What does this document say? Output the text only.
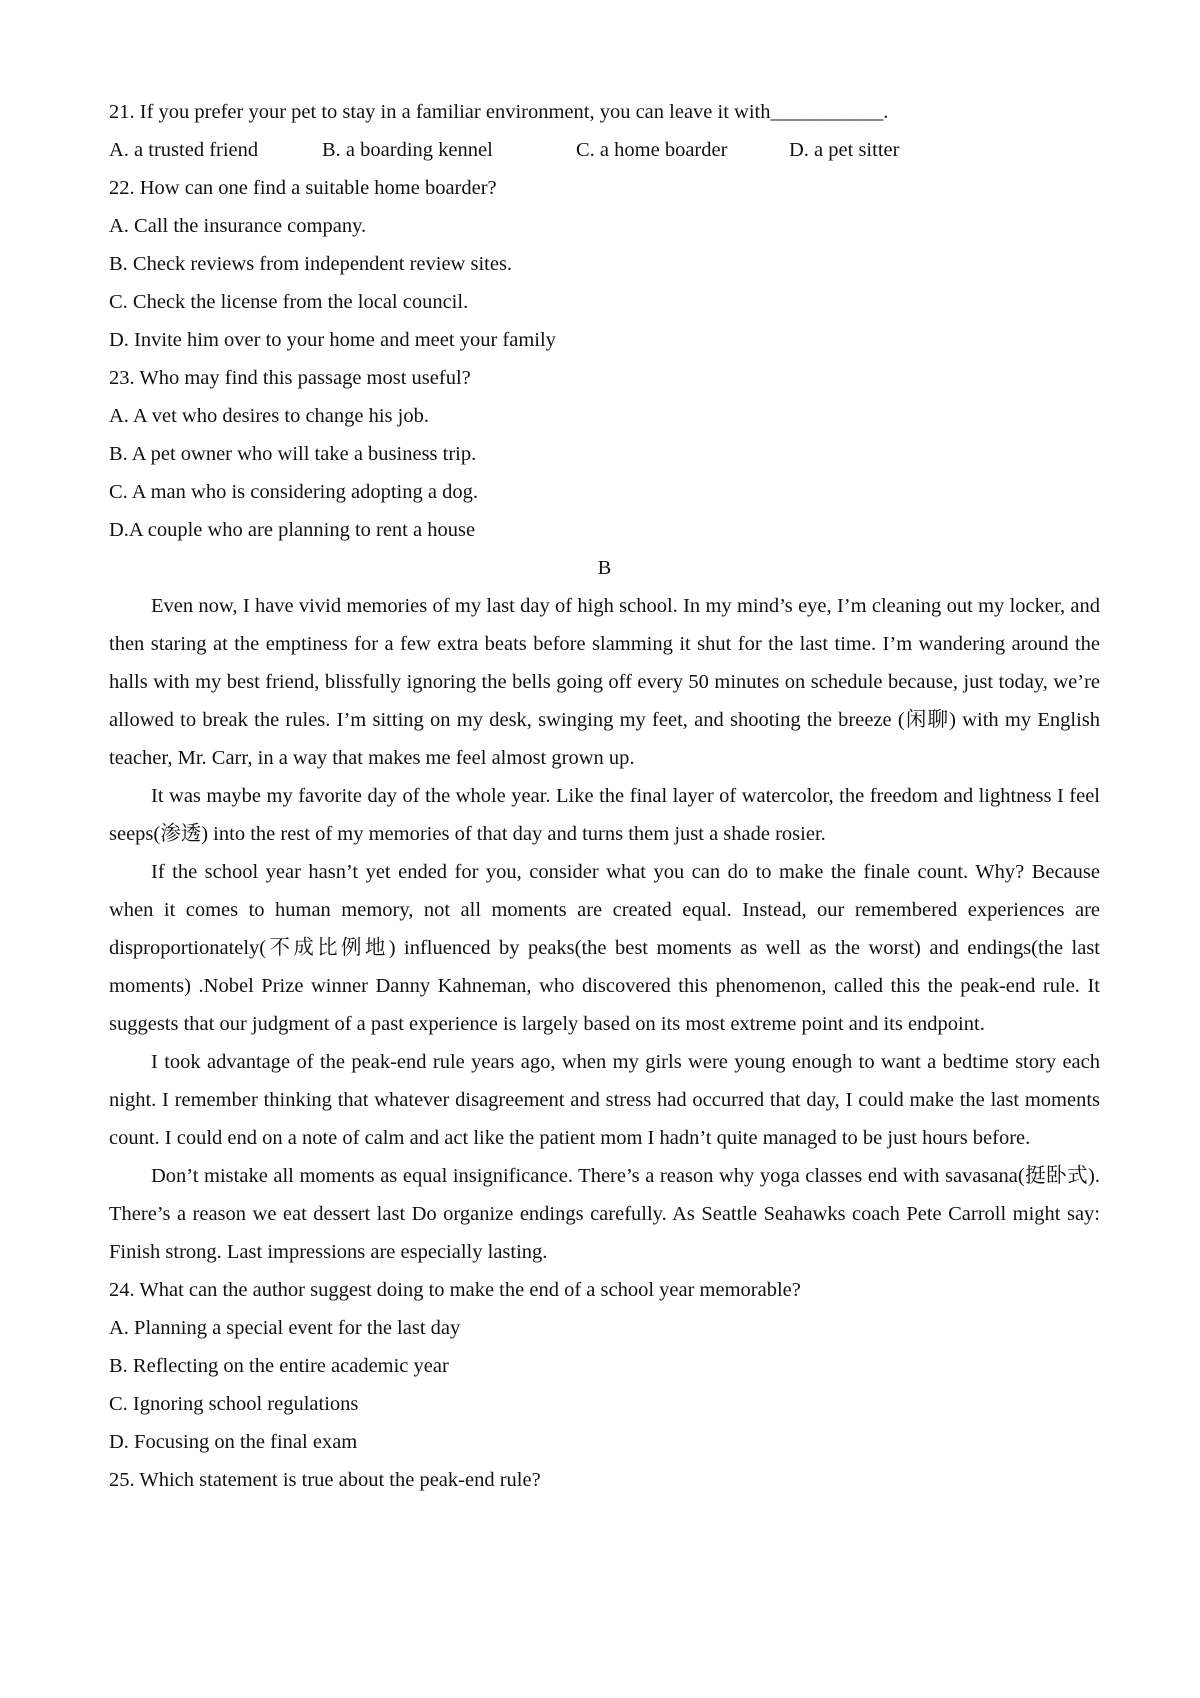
21. If you prefer your pet to stay in a familiar environment, you can leave it with___________.
A. a trusted friend	B. a boarding kennel	C. a home boarder	D. a pet sitter
22. How can one find a suitable home boarder?
A. Call the insurance company.
B. Check reviews from independent review sites.
C. Check the license from the local council.
D. Invite him over to your home and meet your family
23. Who may find this passage most useful?
A. A vet who desires to change his job.
B. A pet owner who will take a business trip.
C. A man who is considering adopting a dog.
D.A couple who are planning to rent a house
B

Even now, I have vivid memories of my last day of high school. In my mind’s eye, I’m cleaning out my locker, and then staring at the emptiness for a few extra beats before slamming it shut for the last time. I’m wandering around the halls with my best friend, blissfully ignoring the bells going off every 50 minutes on schedule because, just today, we’re allowed to break the rules. I’m sitting on my desk, swinging my feet, and shooting the breeze (闲聊) with my English teacher, Mr. Carr, in a way that makes me feel almost grown up.

It was maybe my favorite day of the whole year. Like the final layer of watercolor, the freedom and lightness I feel seeps(渗透) into the rest of my memories of that day and turns them just a shade rosier.

If the school year hasn’t yet ended for you, consider what you can do to make the finale count. Why? Because when it comes to human memory, not all moments are created equal. Instead, our remembered experiences are disproportionately(不成比例地) influenced by peaks(the best moments as well as the worst) and endings(the last moments) .Nobel Prize winner Danny Kahneman, who discovered this phenomenon, called this the peak-end rule. It suggests that our judgment of a past experience is largely based on its most extreme point and its endpoint.

I took advantage of the peak-end rule years ago, when my girls were young enough to want a bedtime story each night. I remember thinking that whatever disagreement and stress had occurred that day, I could make the last moments count. I could end on a note of calm and act like the patient mom I hadn’t quite managed to be just hours before.

Don’t mistake all moments as equal insignificance. There’s a reason why yoga classes end with savasana(挺卧式). There’s a reason we eat dessert last Do organize endings carefully. As Seattle Seahawks coach Pete Carroll might say: Finish strong. Last impressions are especially lasting.

24. What can the author suggest doing to make the end of a school year memorable?
A. Planning a special event for the last day
B. Reflecting on the entire academic year
C. Ignoring school regulations
D. Focusing on the final exam
25. Which statement is true about the peak-end rule?
